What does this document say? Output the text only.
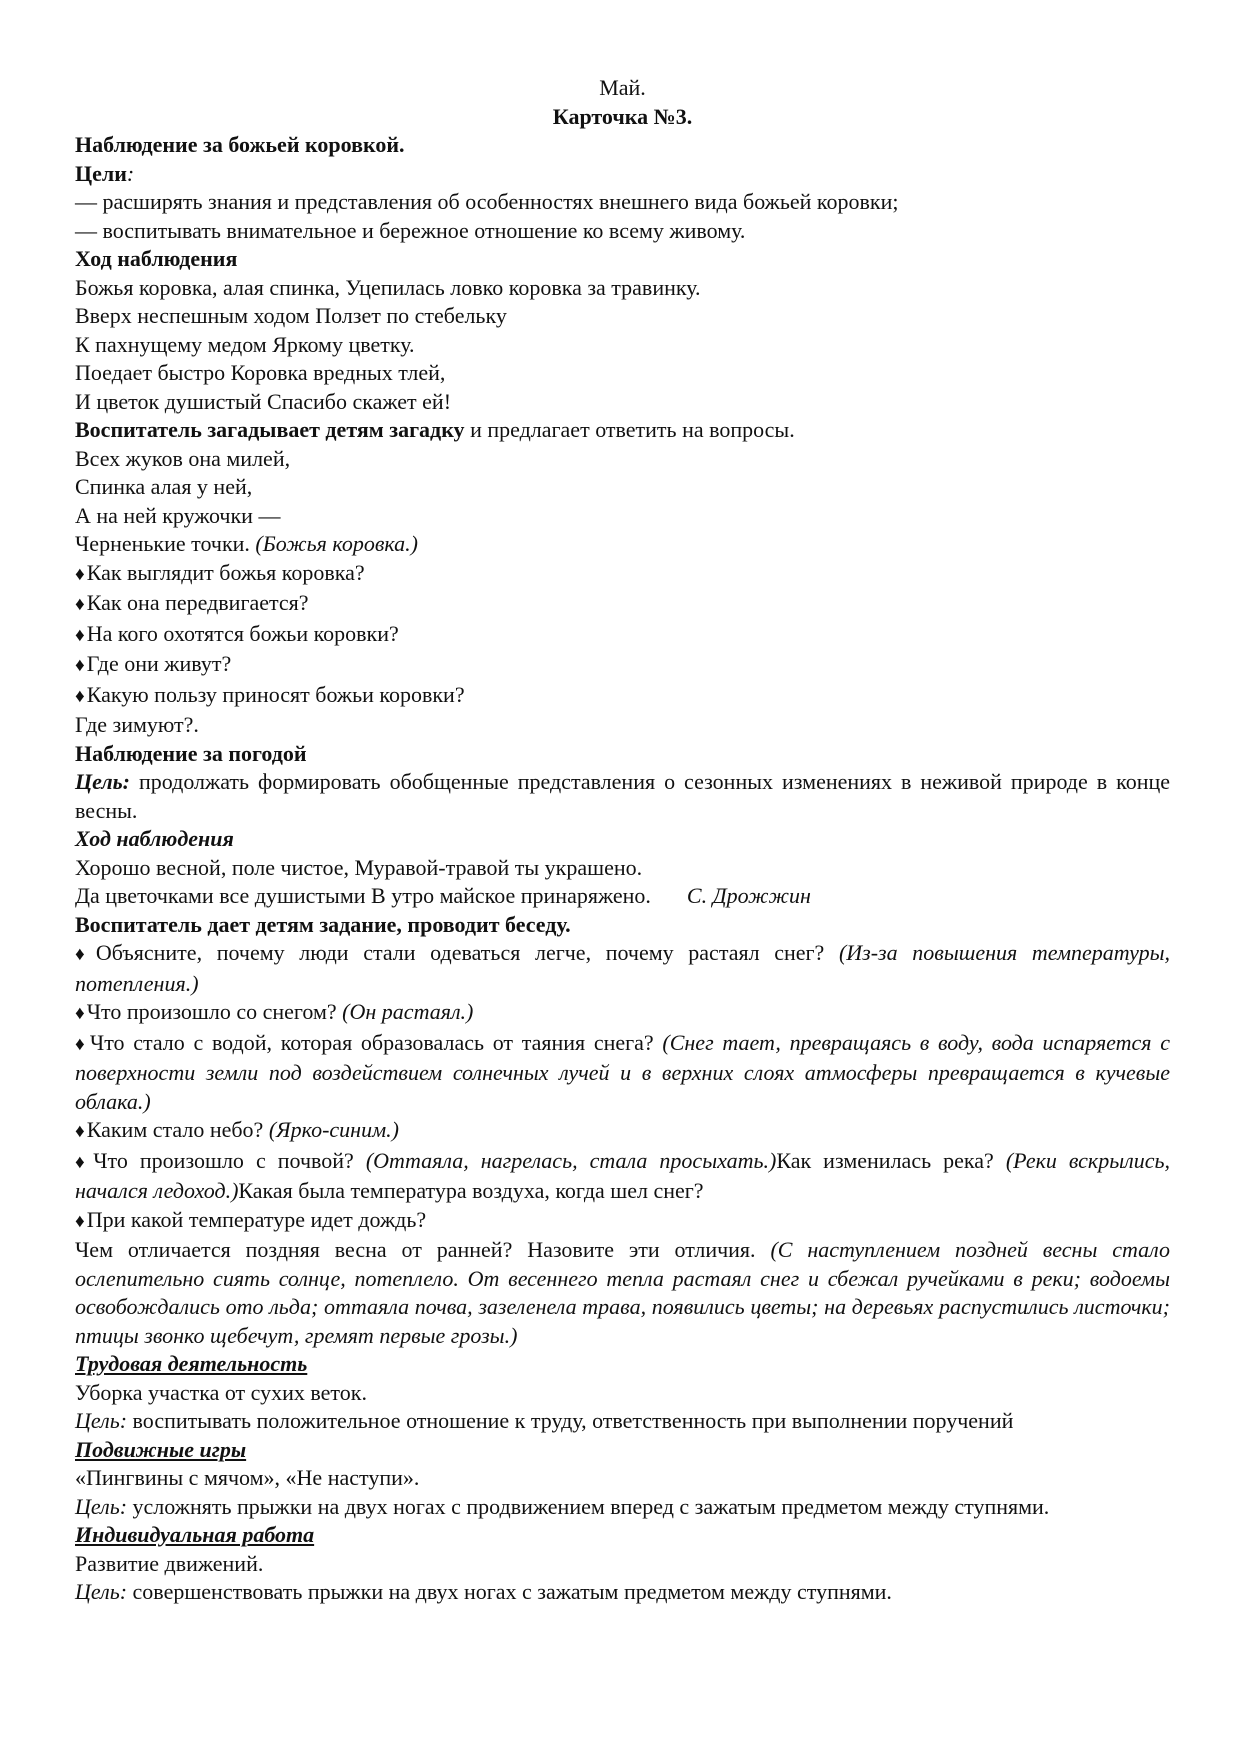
Май.
Карточка №3.
Наблюдение за божьей коровкой.
Цели:
— расширять знания и представления об особенностях внешнего вида божьей коровки;
— воспитывать внимательное и бережное отношение ко всему живому.
Ход наблюдения
Божья коровка, алая спинка, Уцепилась ловко коровка за травинку.
Вверх неспешным ходом Ползет по стебельку
К пахнущему медом Яркому цветку.
Поедает быстро Коровка вредных тлей,
И цветок душистый Спасибо скажет ей!
Воспитатель загадывает детям загадку и предлагает ответить на вопросы.
Всех жуков она милей,
Спинка алая у ней,
А на ней кружочки —
Черненькие точки. (Божья коровка.)
♦ Как выглядит божья коровка?
♦ Как она передвигается?
♦ На кого охотятся божьи коровки?
♦ Где они живут?
♦ Какую пользу приносят божьи коровки?
Где зимуют?.
Наблюдение за погодой
Цель: продолжать формировать обобщенные представления о сезонных изменениях в неживой природе в конце весны.
Ход наблюдения
Хорошо весной, поле чистое, Муравой-травой ты украшено.
Да цветочками все душистыми В утро майское принаряжено. С. Дрожжин
Воспитатель дает детям задание, проводит беседу.
♦ Объясните, почему люди стали одеваться легче, почему растаял снег? (Из-за повышения температуры, потепления.)
♦ Что произошло со снегом? (Он растаял.)
♦ Что стало с водой, которая образовалась от таяния снега? (Снег тает, превращаясь в воду, вода испаряется с поверхности земли под воздействием солнечных лучей и в верхних слоях атмосферы превращается в кучевые облака.)
♦ Каким стало небо? (Ярко-синим.)
♦ Что произошло с почвой? (Оттаяла, нагрелась, стала просыхать.)Как изменилась река? (Реки вскрылись, начался ледоход.)Какая была температура воздуха, когда шел снег?
♦ При какой температуре идет дождь?
Чем отличается поздняя весна от ранней? Назовите эти отличия. (С наступлением поздней весны стало ослепительно сиять солнце, потеплело. От весеннего тепла растаял снег и сбежал ручейками в реки; водоемы освобождались ото льда; оттаяла почва, зазеленела трава, появились цветы; на деревьях распустились листочки; птицы звонко щебечут, гремят первые грозы.)
Трудовая деятельность
Уборка участка от сухих веток.
Цель: воспитывать положительное отношение к труду, ответственность при выполнении поручений
Подвижные игры
«Пингвины с мячом», «Не наступи».
Цель: усложнять прыжки на двух ногах с продвижением вперед с зажатым предметом между ступнями.
Индивидуальная работа
Развитие движений.
Цель: совершенствовать прыжки на двух ногах с зажатым предметом между ступнями.
